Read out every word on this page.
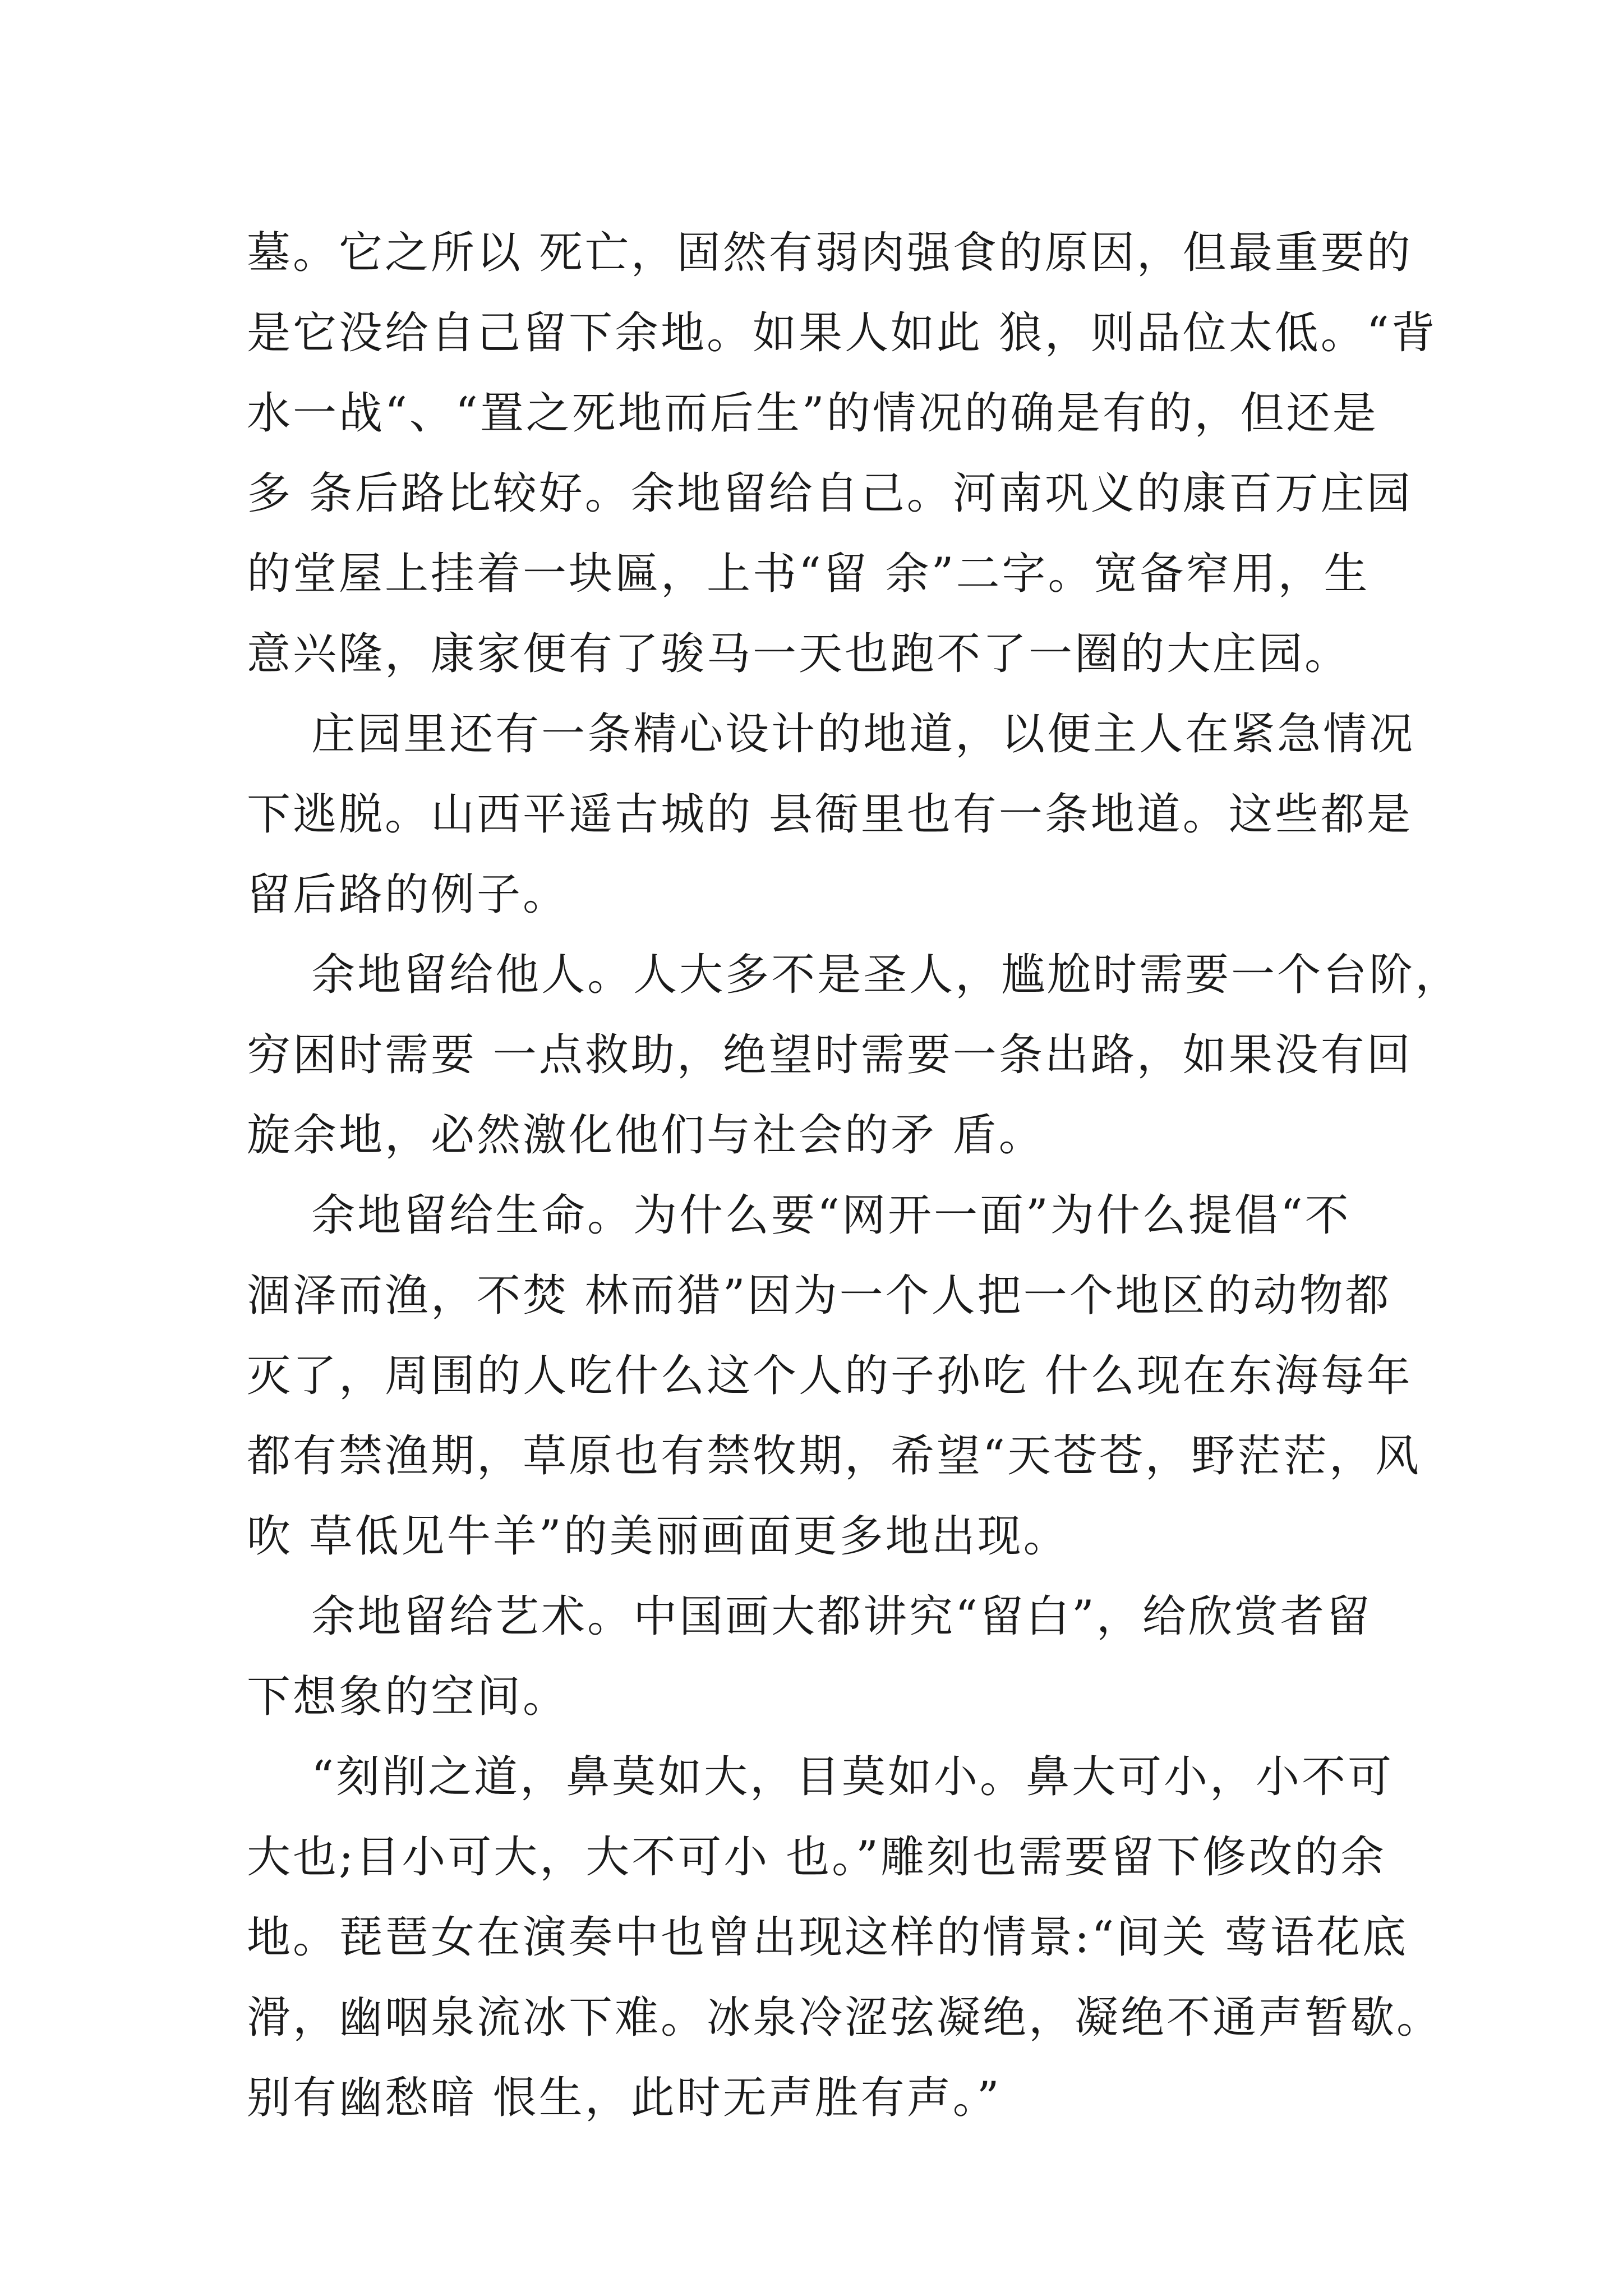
墓。它之所以 死亡，固然有弱肉强食的原因，但最重要的
是它没给自己留下余地。如果人如此 狼，则品位太低。“背
水一战“、“置之死地而后生”的情况的确是有的，但还是
多 条后路比较好。余地留给自己。河南巩义的康百万庄园
的堂屋上挂着一块匾，上书“留 余”二字。宽备窄用，生
意兴隆，康家便有了骏马一天也跑不了一圈的大庄园。
庄园里还有一条精心设计的地道，以便主人在紧急情况
下逃脱。山西平遥古城的 县衙里也有一条地道。这些都是
留后路的例子。
余地留给他人。人大多不是圣人，尴尬时需要一个台阶，
穷困时需要 一点救助，绝望时需要一条出路，如果没有回
旋余地，必然激化他们与社会的矛 盾。
余地留给生命。为什么要“网开一面”为什么提倡“不
涸泽而渔，不焚 林而猎”因为一个人把一个地区的动物都
灭了，周围的人吃什么这个人的子孙吃 什么现在东海每年
都有禁渔期，草原也有禁牧期，希望“天苍苍，野茫茫，风
吹 草低见牛羊”的美丽画面更多地出现。
余地留给艺术。中国画大都讲究“留白”，给欣赏者留
下想象的空间。
“刻削之道，鼻莫如大，目莫如小。鼻大可小，小不可
大也;目小可大，大不可小 也。”雕刻也需要留下修改的余
地。琵琶女在演奏中也曾出现这样的情景:“间关 莺语花底
滑，幽咽泉流冰下难。冰泉冷涩弦凝绝，凝绝不通声暂歇。
别有幽愁暗 恨生，此时无声胜有声。”
